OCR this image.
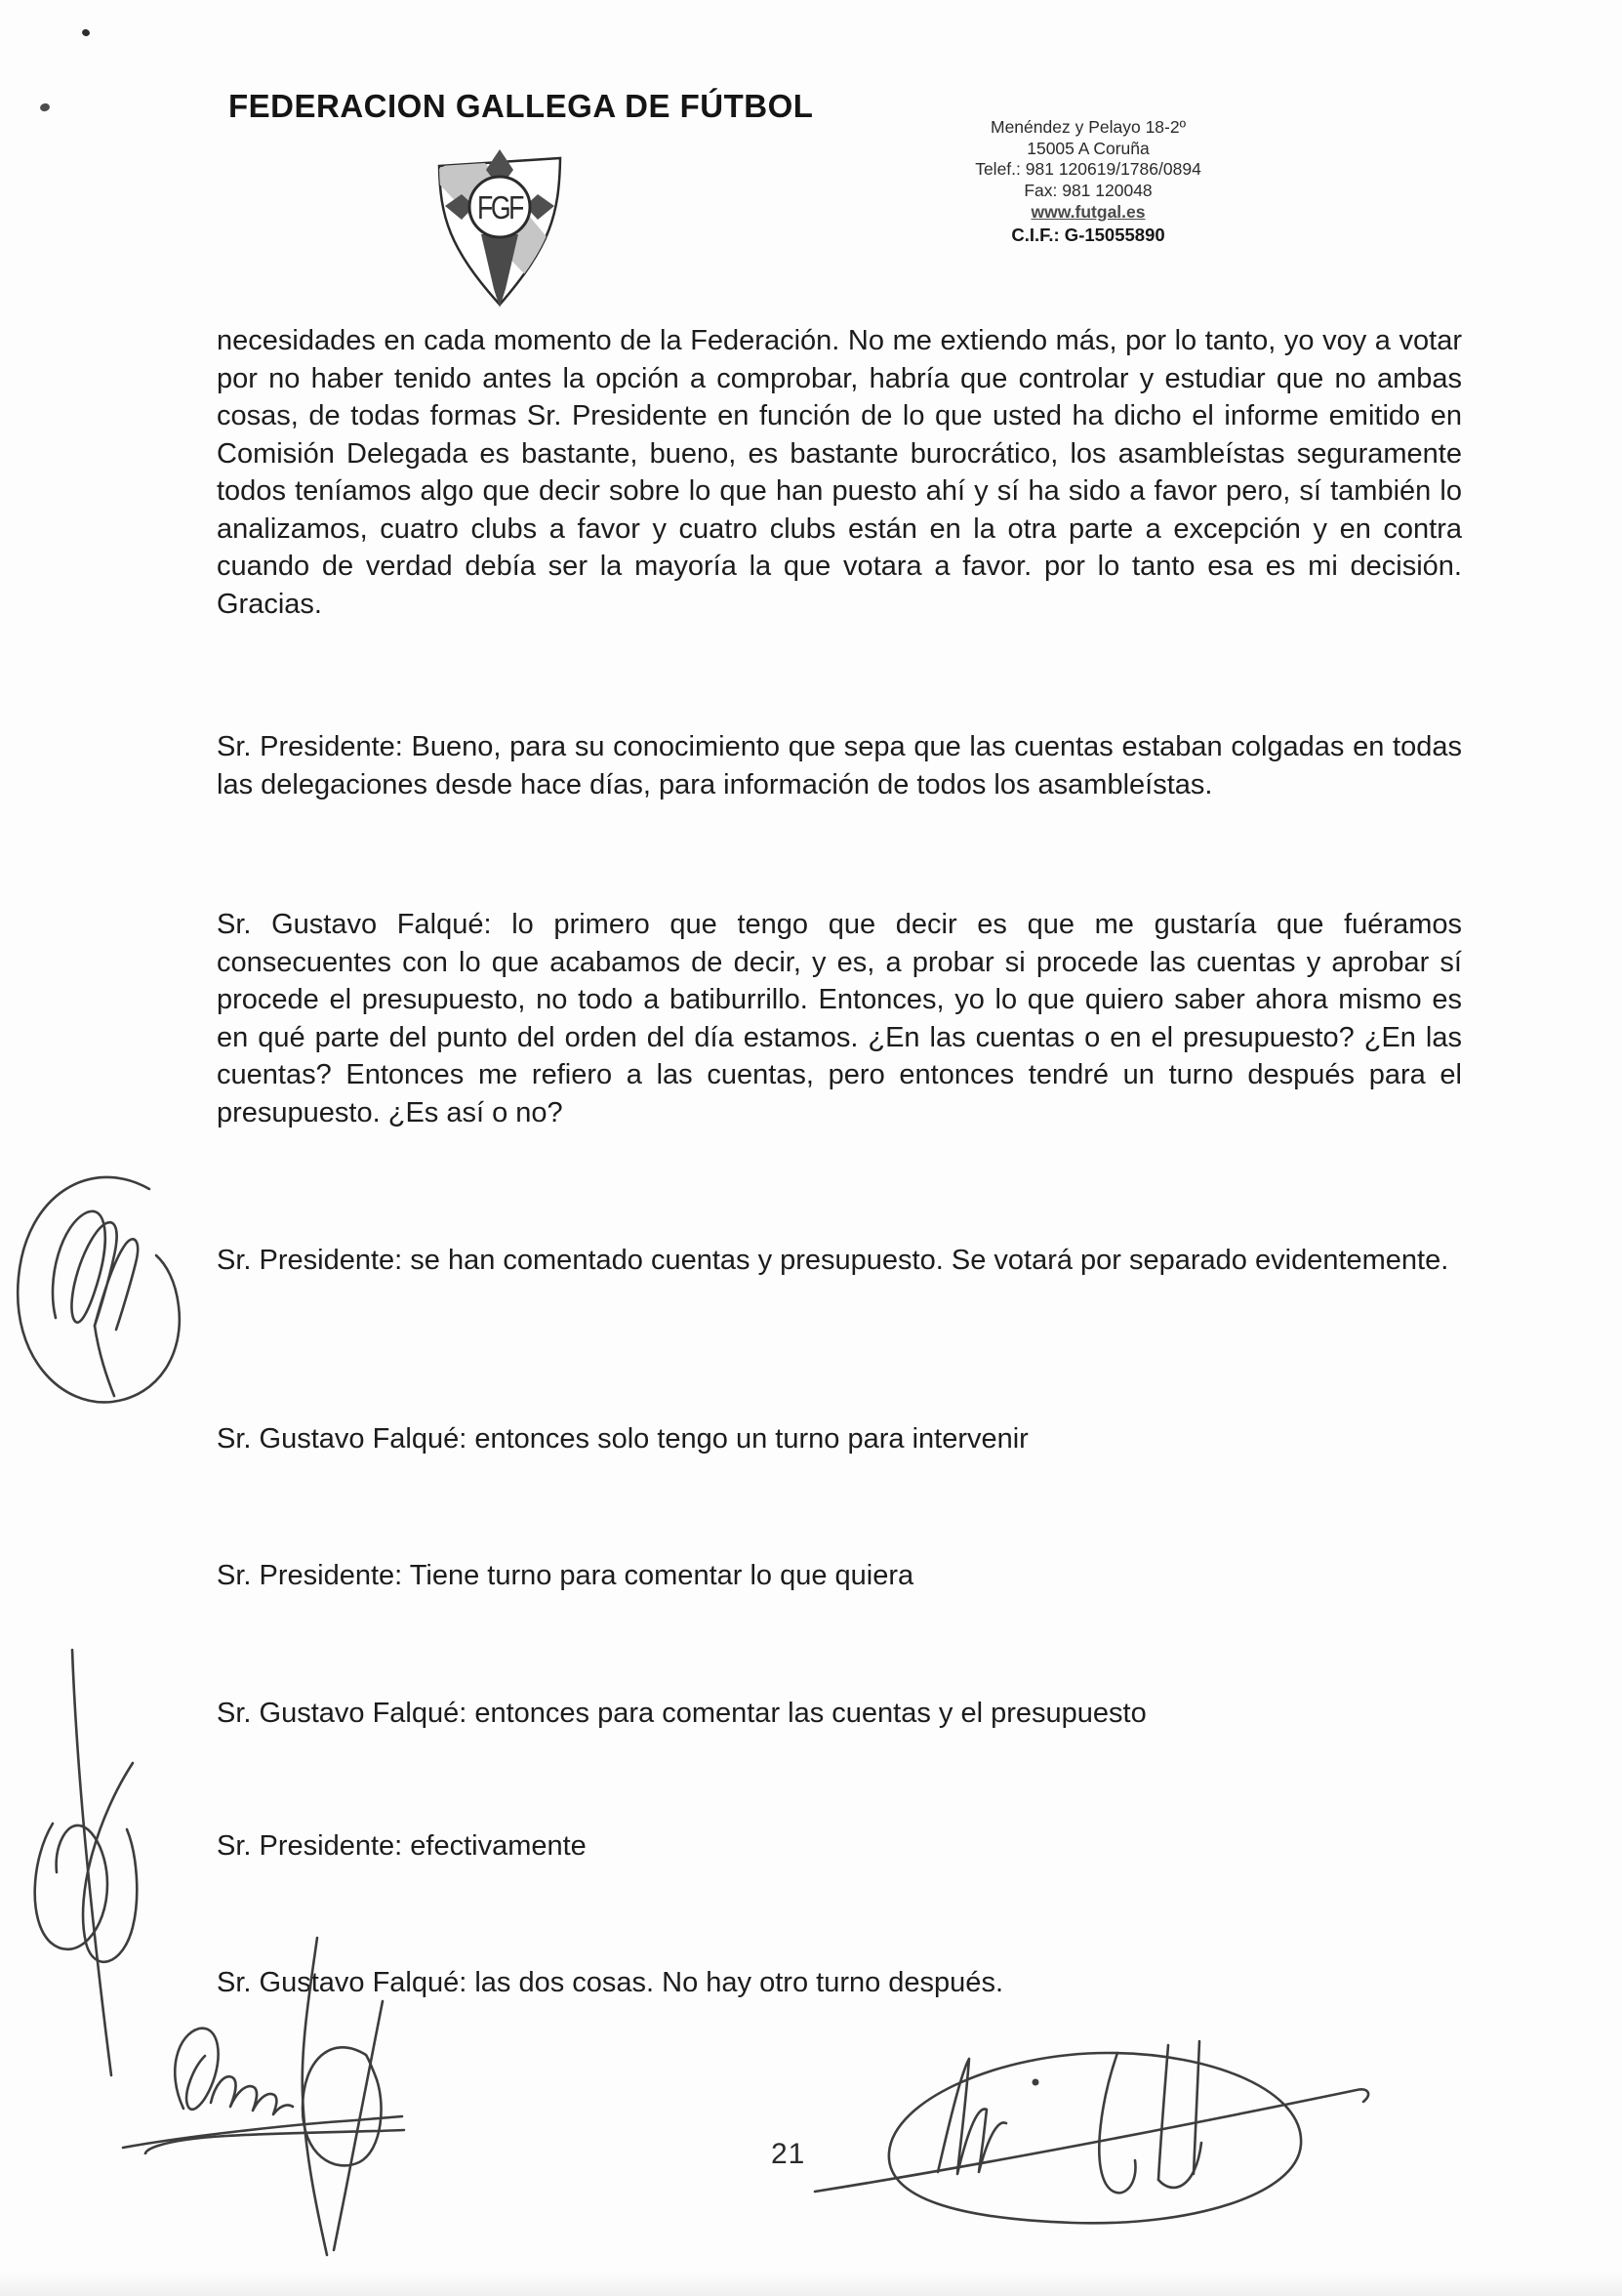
FEDERACION GALLEGA DE FÚTBOL
FGF
Menéndez y Pelayo 18-2º
15005 A Coruña
Telef.: 981 120619/1786/0894
Fax: 981 120048
www.futgal.es
C.I.F.: G-15055890
necesidades en cada momento de la Federación. No me extiendo más, por lo tanto, yo voy a votar por no haber tenido antes la opción a comprobar, habría que controlar y estudiar que no ambas cosas, de todas formas Sr. Presidente en función de lo que usted ha dicho el informe emitido en Comisión Delegada es bastante, bueno, es bastante burocrático, los asambleístas seguramente todos teníamos algo que decir sobre lo que han puesto ahí y sí ha sido a favor pero, sí también lo analizamos, cuatro clubs a favor y cuatro clubs están en la otra parte a excepción y en contra cuando de verdad debía ser la mayoría la que votara a favor. por lo tanto esa es mi decisión. Gracias.
Sr. Presidente: Bueno, para su conocimiento que sepa que las cuentas estaban colgadas en todas las delegaciones desde hace días, para información de todos los asambleístas.
Sr. Gustavo Falqué: lo primero que tengo que decir es que me gustaría que fuéramos consecuentes con lo que acabamos de decir, y es, a probar si procede las cuentas y aprobar sí procede el presupuesto, no todo a batiburrillo. Entonces, yo lo que quiero saber ahora mismo es en qué parte del punto del orden del día estamos. ¿En las cuentas o en el presupuesto? ¿En las cuentas? Entonces me refiero a las cuentas, pero entonces tendré un turno después para el presupuesto. ¿Es así o no?
Sr. Presidente: se han comentado cuentas y presupuesto. Se votará por separado evidentemente.
Sr. Gustavo Falqué: entonces solo tengo un turno para intervenir
Sr. Presidente: Tiene turno para comentar lo que quiera
Sr. Gustavo Falqué: entonces para comentar las cuentas y el presupuesto
Sr. Presidente: efectivamente
Sr. Gustavo Falqué: las dos cosas. No hay otro turno después.
21
